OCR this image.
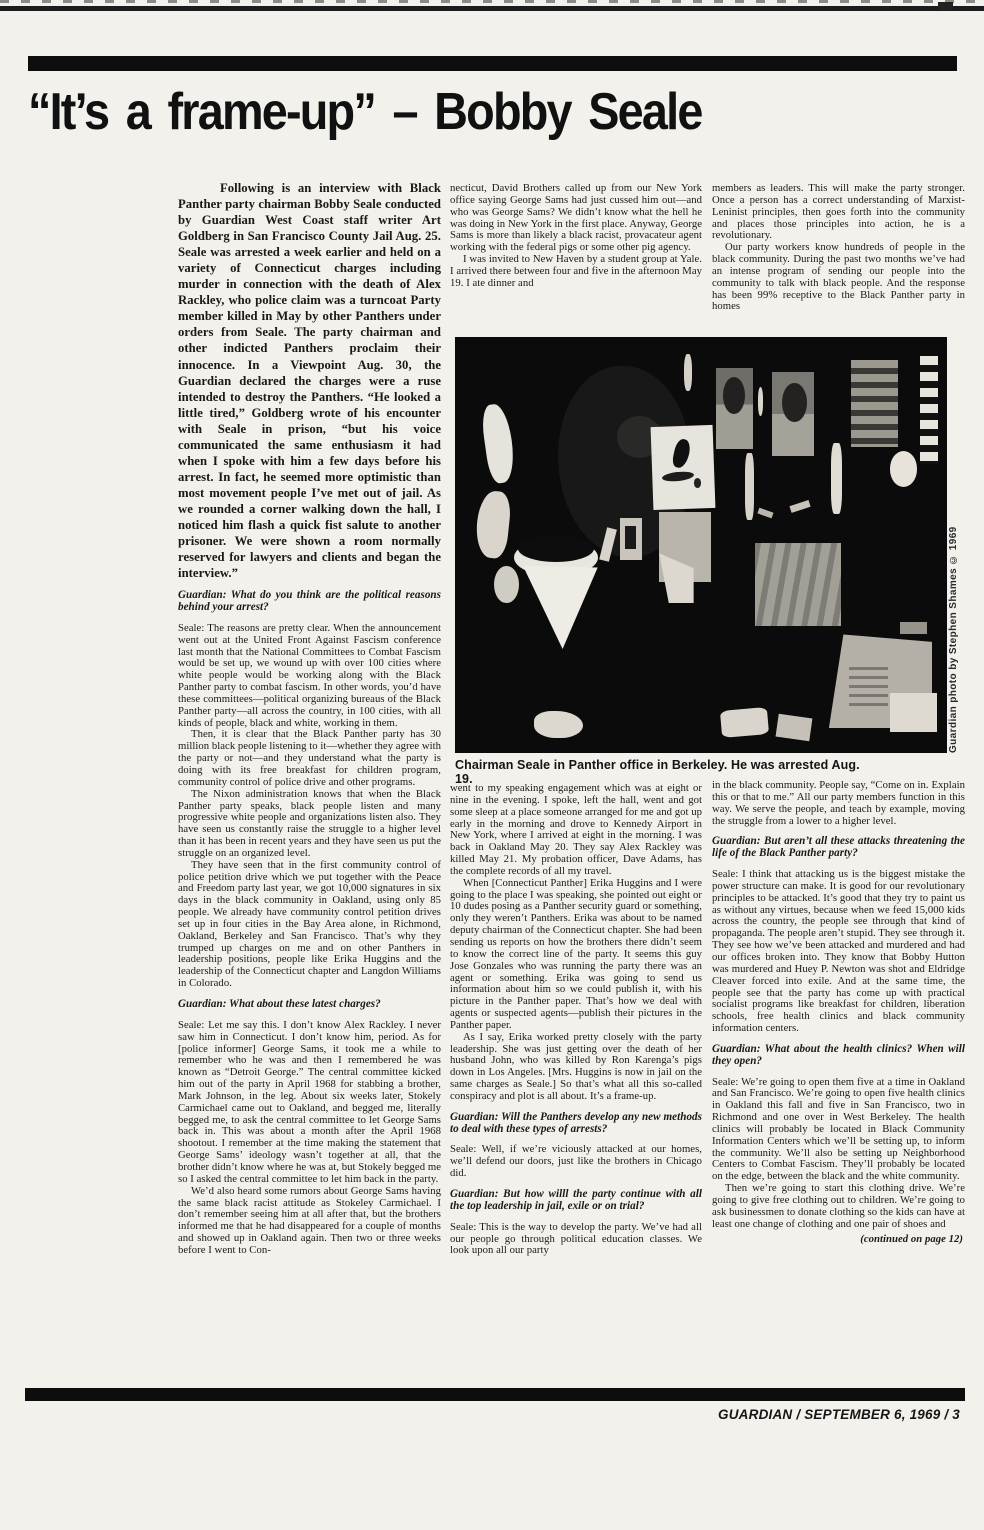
“It’s a frame-up” – Bobby Seale

Following is an interview with Black Panther party chairman Bobby Seale conducted by Guardian West Coast staff writer Art Goldberg in San Francisco County Jail Aug. 25. Seale was arrested a week earlier and held on a variety of Connecticut charges including murder in connection with the death of Alex Rackley, who police claim was a turncoat Party member killed in May by other Panthers under orders from Seale. The party chairman and other indicted Panthers proclaim their innocence. In a Viewpoint Aug. 30, the Guardian declared the charges were a ruse intended to destroy the Panthers. “He looked a little tired,” Goldberg wrote of his encounter with Seale in prison, “but his voice communicated the same enthusiasm it had when I spoke with him a few days before his arrest. In fact, he seemed more optimistic than most movement people I’ve met out of jail. As we rounded a corner walking down the hall, I noticed him flash a quick fist salute to another prisoner. We were shown a room normally reserved for lawyers and clients and began the interview.”

Guardian: What do you think are the political reasons behind your arrest?

Seale: The reasons are pretty clear. When the announcement went out at the United Front Against Fascism conference last month that the National Committees to Combat Fascism would be set up, we wound up with over 100 cities where white people would be working along with the Black Panther party to combat fascism. In other words, you’d have these committees—political organizing bureaus of the Black Panther party—all across the country, in 100 cities, with all kinds of people, black and white, working in them.

Then, it is clear that the Black Panther party has 30 million black people listening to it—whether they agree with the party or not—and they understand what the party is doing with its free breakfast for children program, community control of police drive and other programs.

The Nixon administration knows that when the Black Panther party speaks, black people listen and many progressive white people and organizations listen also. They have seen us constantly raise the struggle to a higher level than it has been in recent years and they have seen us put the struggle on an organized level.

They have seen that in the first community control of police petition drive which we put together with the Peace and Freedom party last year, we got 10,000 signatures in six days in the black community in Oakland, using only 85 people. We already have community control petition drives set up in four cities in the Bay Area alone, in Richmond, Oakland, Berkeley and San Francisco. That’s why they trumped up charges on me and on other Panthers in leadership positions, people like Erika Huggins and the leadership of the Connecticut chapter and Langdon Williams in Colorado.

Guardian: What about these latest charges?

Seale: Let me say this. I don’t know Alex Rackley. I never saw him in Connecticut. I don’t know him, period. As for [police informer] George Sams, it took me a while to remember who he was and then I remembered he was known as “Detroit George.” The central committee kicked him out of the party in April 1968 for stabbing a brother, Mark Johnson, in the leg. About six weeks later, Stokely Carmichael came out to Oakland, and begged me, literally begged me, to ask the central committee to let George Sams back in. This was about a month after the April 1968 shootout. I remember at the time making the statement that George Sams’ ideology wasn’t together at all, that the brother didn’t know where he was at, but Stokely begged me so I asked the central committee to let him back in the party.

We’d also heard some rumors about George Sams having the same black racist attitude as Stokeley Carmichael. I don’t remember seeing him at all after that, but the brothers informed me that he had disappeared for a couple of months and showed up in Oakland again. Then two or three weeks before I went to Con-

necticut, David Brothers called up from our New York office saying George Sams had just cussed him out—and who was George Sams? We didn’t know what the hell he was doing in New York in the first place. Anyway, George Sams is more than likely a black racist, provacateur agent working with the federal pigs or some other pig agency.

I was invited to New Haven by a student group at Yale. I arrived there between four and five in the afternoon May 19. I ate dinner and

members as leaders. This will make the party stronger. Once a person has a correct understanding of Marxist-Leninist principles, then goes forth into the community and places those principles into action, he is a revolutionary.

Our party workers know hundreds of people in the black community. During the past two months we’ve had an intense program of sending our people into the community to talk with black people. And the response has been 99% receptive to the Black Panther party in homes

Guardian photo by Stephen Shames © 1969
Chairman Seale in Panther office in Berkeley. He was arrested Aug. 19.

went to my speaking engagement which was at eight or nine in the evening. I spoke, left the hall, went and got some sleep at a place someone arranged for me and got up early in the morning and drove to Kennedy Airport in New York, where I arrived at eight in the morning. I was back in Oakland May 20. They say Alex Rackley was killed May 21. My probation officer, Dave Adams, has the complete records of all my travel.

When [Connecticut Panther] Erika Huggins and I were going to the place I was speaking, she pointed out eight or 10 dudes posing as a Panther security guard or something, only they weren’t Panthers. Erika was about to be named deputy chairman of the Connecticut chapter. She had been sending us reports on how the brothers there didn’t seem to know the correct line of the party. It seems this guy Jose Gonzales who was running the party there was an agent or something. Erika was going to send us information about him so we could publish it, with his picture in the Panther paper. That’s how we deal with agents or suspected agents—publish their pictures in the Panther paper.

As I say, Erika worked pretty closely with the party leadership. She was just getting over the death of her husband John, who was killed by Ron Karenga’s pigs down in Los Angeles. [Mrs. Huggins is now in jail on the same charges as Seale.] So that’s what all this so-called conspiracy and plot is all about. It’s a frame-up.

Guardian: Will the Panthers develop any new methods to deal with these types of arrests?

Seale: Well, if we’re viciously attacked at our homes, we’ll defend our doors, just like the brothers in Chicago did.

Guardian: But how willl the party continue with all the top leadership in jail, exile or on trial?

Seale: This is the way to develop the party. We’ve had all our people go through political education classes. We look upon all our party

in the black community. People say, “Come on in. Explain this or that to me.” All our party members function in this way. We serve the people, and teach by example, moving the struggle from a lower to a higher level.

Guardian: But aren’t all these attacks threatening the life of the Black Panther party?

Seale: I think that attacking us is the biggest mistake the power structure can make. It is good for our revolutionary principles to be attacked. It’s good that they try to paint us as without any virtues, because when we feed 15,000 kids across the country, the people see through that kind of propaganda. The people aren’t stupid. They see through it. They see how we’ve been attacked and murdered and had our offices broken into. They know that Bobby Hutton was murdered and Huey P. Newton was shot and Eldridge Cleaver forced into exile. And at the same time, the people see that the party has come up with practical socialist programs like breakfast for children, liberation schools, free health clinics and black community information centers.

Guardian: What about the health clinics? When will they open?

Seale: We’re going to open them five at a time in Oakland and San Francisco. We’re going to open five health clinics in Oakland this fall and five in San Francisco, two in Richmond and one over in West Berkeley. The health clinics will probably be located in Black Community Information Centers which we’ll be setting up, to inform the community. We’ll also be setting up Neighborhood Centers to Combat Fascism. They’ll probably be located on the edge, between the black and the white community.

Then we’re going to start this clothing drive. We’re going to give free clothing out to children. We’re going to ask businessmen to donate clothing so the kids can have at least one change of clothing and one pair of shoes and

(continued on page 12)

GUARDIAN / SEPTEMBER 6, 1969 / 3
